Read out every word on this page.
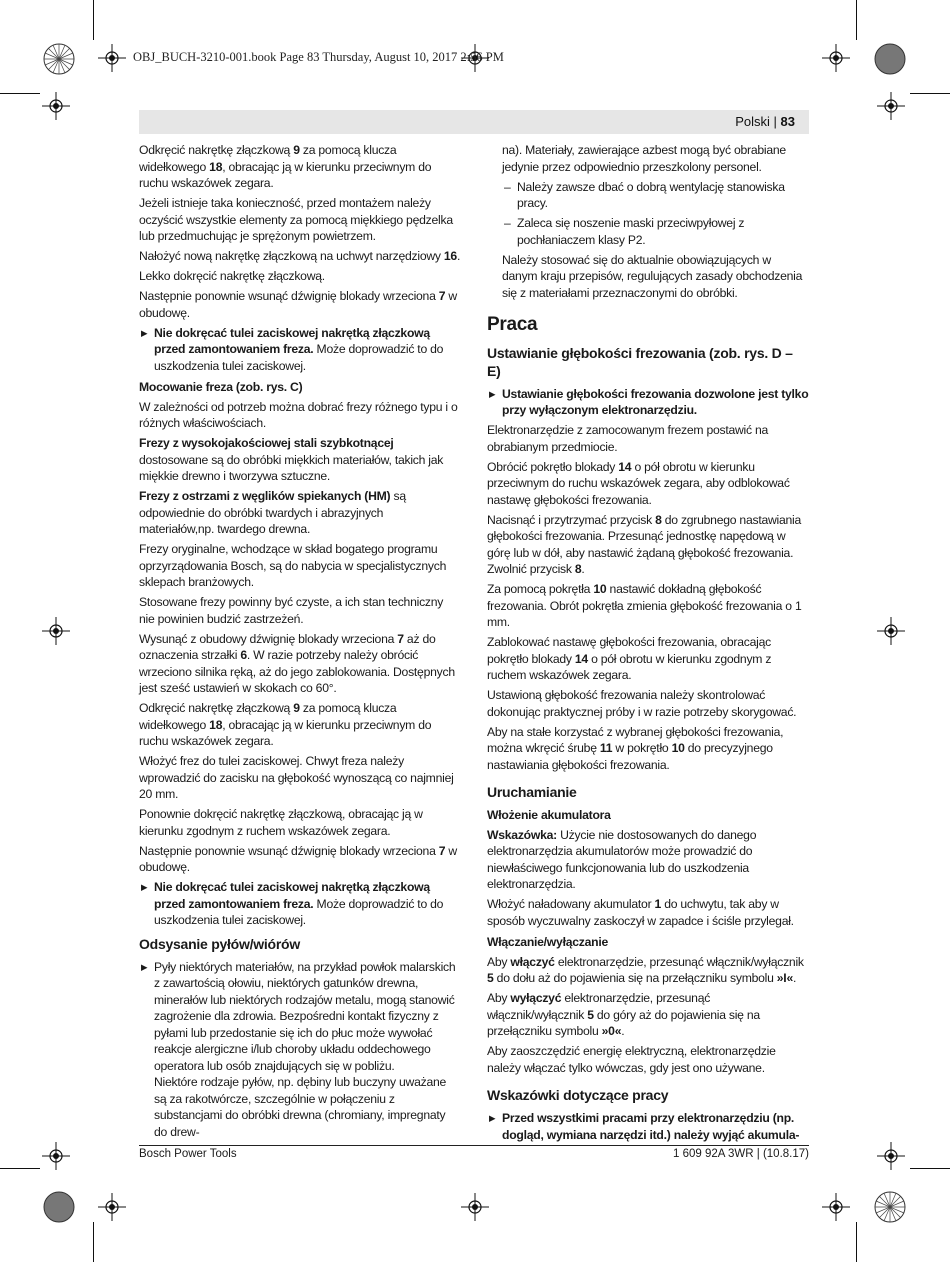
OBJ_BUCH-3210-001.book Page 83 Thursday, August 10, 2017 2:56 PM
Polski | 83

Odkręcić nakrętkę złączkową 9 za pomocą klucza widełkowego 18, obracając ją w kierunku przeciwnym do ruchu wskazówek zegara.

Jeżeli istnieje taka konieczność, przed montażem należy oczyścić wszystkie elementy za pomocą miękkiego pędzelka lub przedmuchując je sprężonym powietrzem.

Nałożyć nową nakrętkę złączkową na uchwyt narzędziowy 16.

Lekko dokręcić nakrętkę złączkową.

Następnie ponownie wsunąć dźwignię blokady wrzeciona 7 w obudowę.

▶ Nie dokręcać tulei zaciskowej nakrętką złączkową przed zamontowaniem freza. Może doprowadzić to do uszkodzenia tulei zaciskowej.

Mocowanie freza (zob. rys. C)

W zależności od potrzeb można dobrać frezy różnego typu i o różnych właściwościach.

Frezy z wysokojakościowej stali szybkotnącej dostosowane są do obróbki miękkich materiałów, takich jak miękkie drewno i tworzywa sztuczne.

Frezy z ostrzami z węglików spiekanych (HM) są odpowiednie do obróbki twardych i abrazyjnych materiałów,np. twardego drewna.

Frezy oryginalne, wchodzące w skład bogatego programu oprzyrządowania Bosch, są do nabycia w specjalistycznych sklepach branżowych.

Stosowane frezy powinny być czyste, a ich stan techniczny nie powinien budzić zastrzeżeń.

Wysunąć z obudowy dźwignię blokady wrzeciona 7 aż do oznaczenia strzałki 6. W razie potrzeby należy obrócić wrzeciono silnika ręką, aż do jego zablokowania. Dostępnych jest sześć ustawień w skokach co 60°.

Odkręcić nakrętkę złączkową 9 za pomocą klucza widełkowego 18, obracając ją w kierunku przeciwnym do ruchu wskazówek zegara.

Włożyć frez do tulei zaciskowej. Chwyt freza należy wprowadzić do zacisku na głębokość wynoszącą co najmniej 20 mm.

Ponownie dokręcić nakrętkę złączkową, obracając ją w kierunku zgodnym z ruchem wskazówek zegara.

Następnie ponownie wsunąć dźwignię blokady wrzeciona 7 w obudowę.

▶ Nie dokręcać tulei zaciskowej nakrętką złączkową przed zamontowaniem freza. Może doprowadzić to do uszkodzenia tulei zaciskowej.

Odsysanie pyłów/wiórów

▶ Pyły niektórych materiałów, na przykład powłok malarskich z zawartością ołowiu, niektórych gatunków drewna, minerałów lub niektórych rodzajów metalu, mogą stanowić zagrożenie dla zdrowia. Bezpośredni kontakt fizyczny z pyłami lub przedostanie się ich do płuc może wywołać reakcje alergiczne i/lub choroby układu oddechowego operatora lub osób znajdujących się w pobliżu.

Niektóre rodzaje pyłów, np. dębiny lub buczyny uważane są za rakotwórcze, szczególnie w połączeniu z substancjami do obróbki drewna (chromiany, impregnaty do drew-

na). Materiały, zawierające azbest mogą być obrabiane jedynie przez odpowiednio przeszkolony personel.

– Należy zawsze dbać o dobrą wentylację stanowiska pracy.

– Zaleca się noszenie maski przeciwpyłowej z pochłaniaczem klasy P2.

Należy stosować się do aktualnie obowiązujących w danym kraju przepisów, regulujących zasady obchodzenia się z materiałami przeznaczonymi do obróbki.

Praca
Ustawianie głębokości frezowania (zob. rys. D – E)

▶ Ustawianie głębokości frezowania dozwolone jest tylko przy wyłączonym elektronarzędziu.

Elektronarzędzie z zamocowanym frezem postawić na obrabianym przedmiocie.

Obrócić pokrętło blokady 14 o pół obrotu w kierunku przeciwnym do ruchu wskazówek zegara, aby odblokować nastawę głębokości frezowania.

Nacisnąć i przytrzymać przycisk 8 do zgrubnego nastawiania głębokości frezowania. Przesunąć jednostkę napędową w górę lub w dół, aby nastawić żądaną głębokość frezowania. Zwolnić przycisk 8.

Za pomocą pokrętła 10 nastawić dokładną głębokość frezowania. Obrót pokrętła zmienia głębokość frezowania o 1 mm.

Zablokować nastawę głębokości frezowania, obracając pokrętło blokady 14 o pół obrotu w kierunku zgodnym z ruchem wskazówek zegara.

Ustawioną głębokość frezowania należy skontrolować dokonując praktycznej próby i w razie potrzeby skorygować.

Aby na stałe korzystać z wybranej głębokości frezowania, można wkręcić śrubę 11 w pokrętło 10 do precyzyjnego nastawiania głębokości frezowania.

Uruchamianie
Włożenie akumulatora

Wskazówka: Użycie nie dostosowanych do danego elektronarzędzia akumulatorów może prowadzić do niewłaściwego funkcjonowania lub do uszkodzenia elektronarzędzia.

Włożyć naładowany akumulator 1 do uchwytu, tak aby w sposób wyczuwalny zaskoczył w zapadce i ściśle przylegał.

Włączanie/wyłączanie

Aby włączyć elektronarzędzie, przesunąć włącznik/wyłącznik 5 do dołu aż do pojawienia się na przełączniku symbolu »I«.

Aby wyłączyć elektronarzędzie, przesunąć włącznik/wyłącznik 5 do góry aż do pojawienia się na przełączniku symbolu »0«.

Aby zaoszczędzić energię elektryczną, elektronarzędzie należy włączać tylko wówczas, gdy jest ono używane.

Wskazówki dotyczące pracy

▶ Przed wszystkimi pracami przy elektronarzędziu (np. dogląd, wymiana narzędzi itd.) należy wyjąć akumula-

Bosch Power Tools	1 609 92A 3WR | (10.8.17)
